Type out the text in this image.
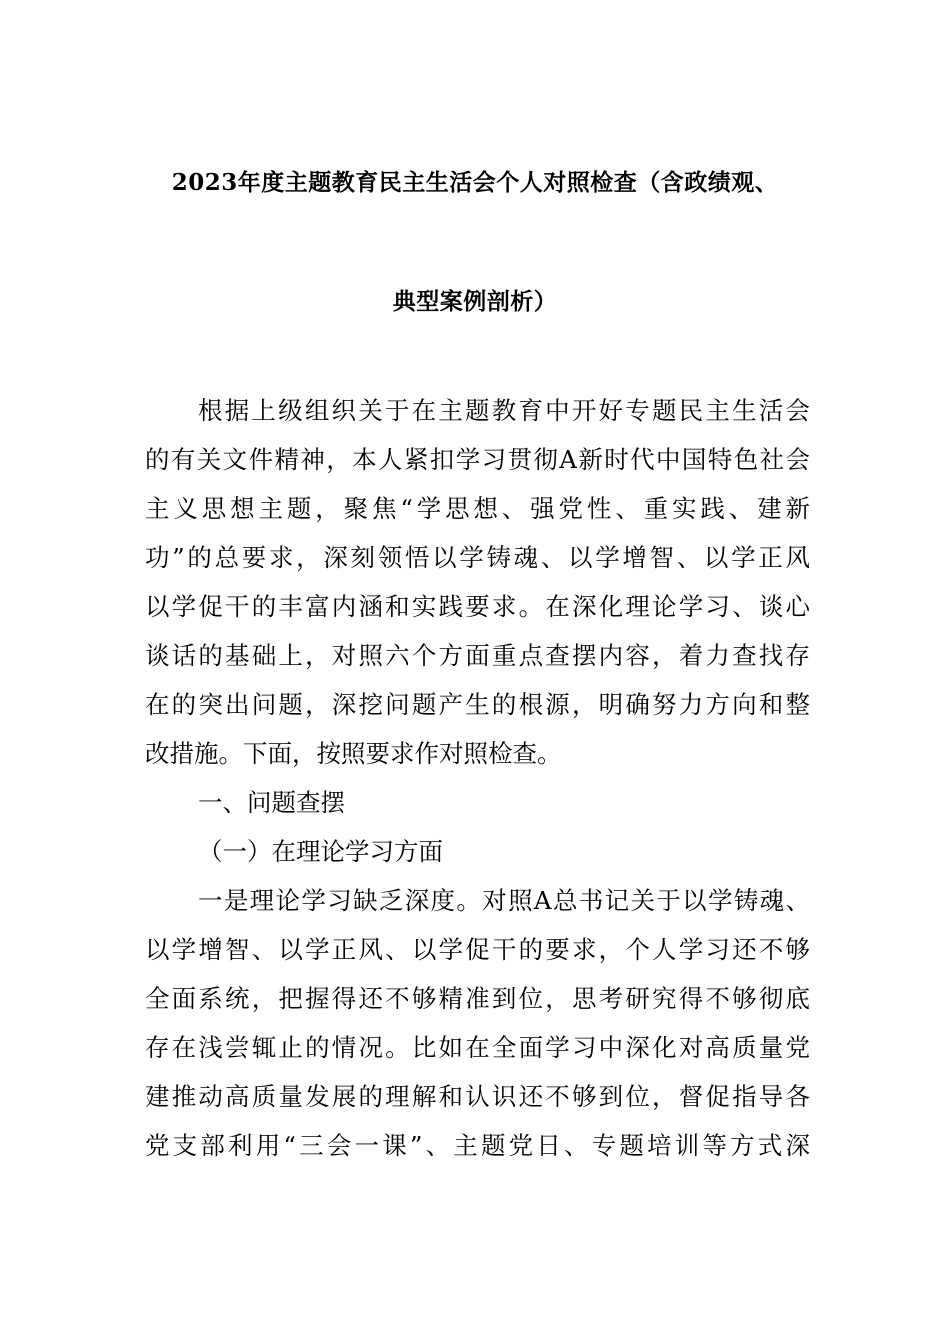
2023年度主题教育民主生活会个人对照检查（含政绩观、
典型案例剖析）
根据上级组织关于在主题教育中开好专题民主生活会
的有关文件精神，本人紧扣学习贯彻A新时代中国特色社会
主义思想主题，聚焦“学思想、强党性、重实践、建新
功”的总要求，深刻领悟以学铸魂、以学增智、以学正风
以学促干的丰富内涵和实践要求。在深化理论学习、谈心
谈话的基础上，对照六个方面重点查摆内容，着力查找存
在的突出问题，深挖问题产生的根源，明确努力方向和整
改措施。下面，按照要求作对照检查。
一、问题查摆
（一）在理论学习方面
一是理论学习缺乏深度。对照A总书记关于以学铸魂、
以学增智、以学正风、以学促干的要求，个人学习还不够
全面系统，把握得还不够精准到位，思考研究得不够彻底
存在浅尝辄止的情况。比如在全面学习中深化对高质量党
建推动高质量发展的理解和认识还不够到位，督促指导各
党支部利用“三会一课”、主题党日、专题培训等方式深
